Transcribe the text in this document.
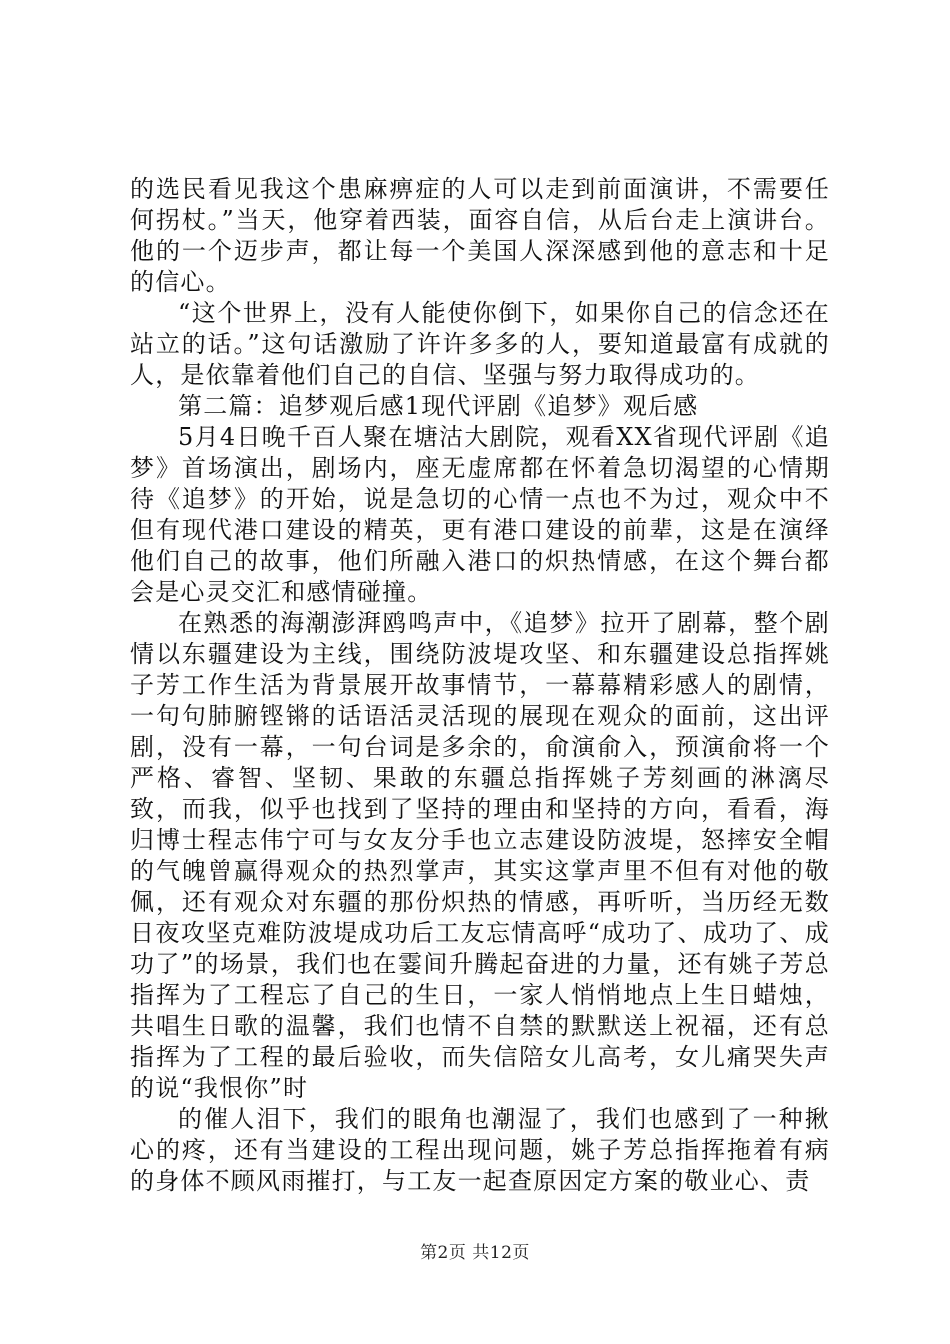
的选民看见我这个患麻痹症的人可以走到前面演讲，不需要任何拐杖。”当天，他穿着西装，面容自信，从后台走上演讲台。他的一个迈步声，都让每一个美国人深深感到他的意志和十足的信心。

“这个世界上，没有人能使你倒下，如果你自己的信念还在站立的话。”这句话激励了许许多多的人，要知道最富有成就的人，是依靠着他们自己的自信、坚强与努力取得成功的。

第二篇：追梦观后感1现代评剧《追梦》观后感

5月4日晚千百人聚在塘沽大剧院，观看XX省现代评剧《追梦》首场演出，剧场内，座无虚席都在怀着急切渴望的心情期待《追梦》的开始，说是急切的心情一点也不为过，观众中不但有现代港口建设的精英，更有港口建设的前辈，这是在演绎他们自己的故事，他们所融入港口的炽热情感，在这个舞台都会是心灵交汇和感情碰撞。

在熟悉的海潮澎湃鸥鸣声中，《追梦》拉开了剧幕，整个剧情以东疆建设为主线，围绕防波堤攻坚、和东疆建设总指挥姚子芳工作生活为背景展开故事情节，一幕幕精彩感人的剧情，一句句肺腑铿锵的话语活灵活现的展现在观众的面前，这出评剧，没有一幕，一句台词是多余的，俞演俞入，预演俞将一个严格、睿智、坚韧、果敢的东疆总指挥姚子芳刻画的淋漓尽致，而我，似乎也找到了坚持的理由和坚持的方向，看看，海归博士程志伟宁可与女友分手也立志建设防波堤，怒摔安全帽的气魄曾赢得观众的热烈掌声，其实这掌声里不但有对他的敬佩，还有观众对东疆的那份炽热的情感，再听听，当历经无数日夜攻坚克难防波堤成功后工友忘情高呼“成功了、成功了、成功了”的场景，我们也在霎间升腾起奋进的力量，还有姚子芳总指挥为了工程忘了自己的生日，一家人悄悄地点上生日蜡烛，共唱生日歌的温馨，我们也情不自禁的默默送上祝福，还有总指挥为了工程的最后验收，而失信陪女儿高考，女儿痛哭失声的说“我恨你”时

的催人泪下，我们的眼角也潮湿了，我们也感到了一种揪心的疼，还有当建设的工程出现问题，姚子芳总指挥拖着有病的身体不顾风雨摧打，与工友一起查原因定方案的敬业心、责

第2页 共12页
